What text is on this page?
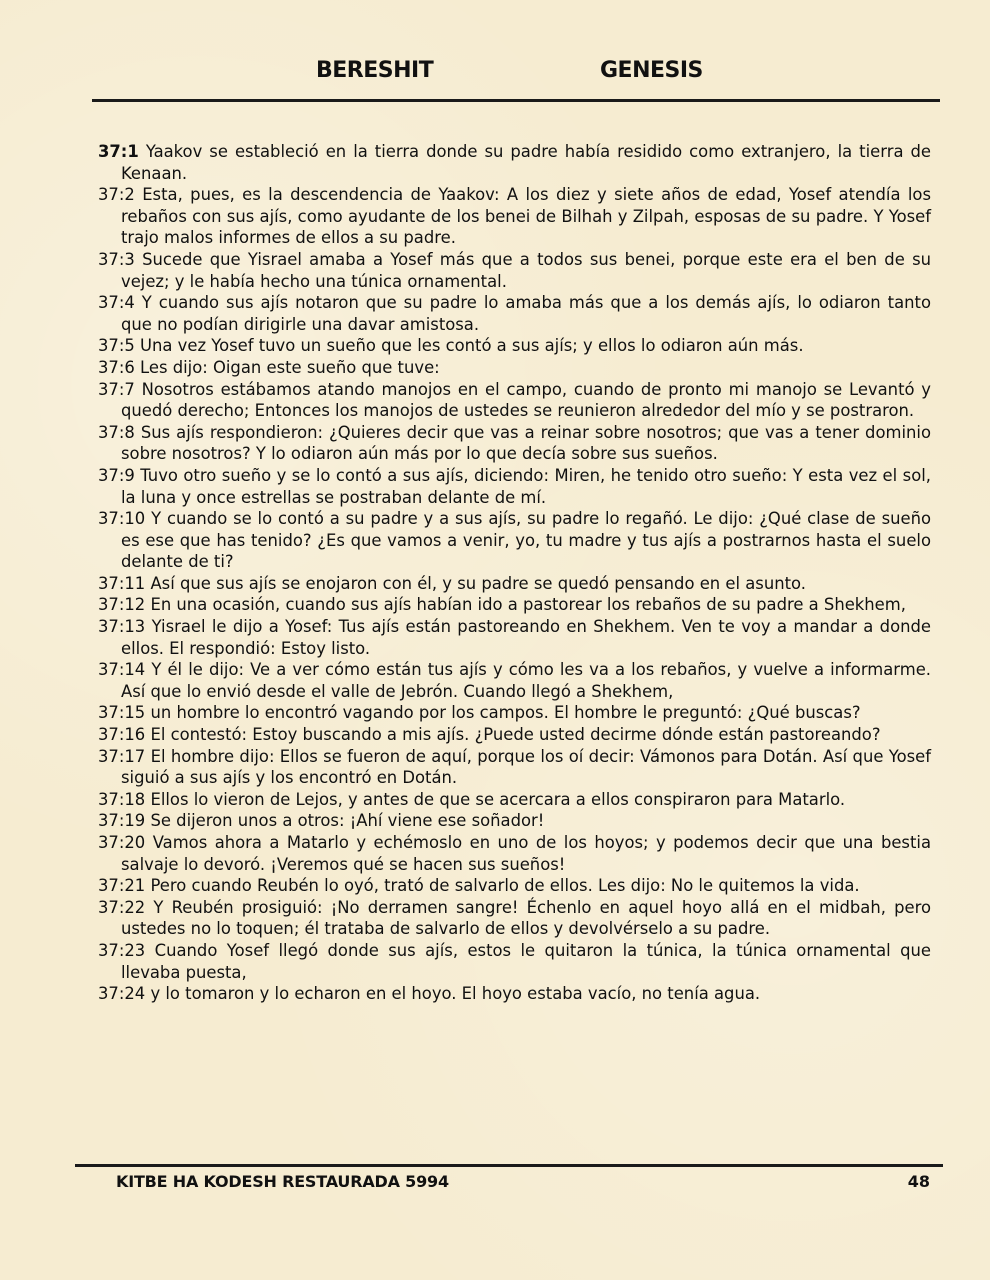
BERESHIT	GENESIS

37:1 Yaakov se estableció en la tierra donde su padre había residido como extranjero, la tierra de Kenaan.

37:2 Esta, pues, es la descendencia de Yaakov: A los diez y siete años de edad, Yosef atendía los rebaños con sus ajís, como ayudante de los benei de Bilhah y Zilpah, esposas de su padre. Y Yosef trajo malos informes de ellos a su padre.

37:3 Sucede que Yisrael amaba a Yosef más que a todos sus benei, porque este era el ben de su vejez; y le había hecho una túnica ornamental.

37:4 Y cuando sus ajís notaron que su padre lo amaba más que a los demás ajís, lo odiaron tanto que no podían dirigirle una davar amistosa.

37:5 Una vez Yosef tuvo un sueño que les contó a sus ajís; y ellos lo odiaron aún más.

37:6 Les dijo: Oigan este sueño que tuve:

37:7 Nosotros estábamos atando manojos en el campo, cuando de pronto mi manojo se Levantó y quedó derecho; Entonces los manojos de ustedes se reunieron alrededor del mío y se postraron.

37:8 Sus ajís respondieron: ¿Quieres decir que vas a reinar sobre nosotros; que vas a tener dominio sobre nosotros? Y lo odiaron aún más por lo que decía sobre sus sueños.

37:9 Tuvo otro sueño y se lo contó a sus ajís, diciendo: Miren, he tenido otro sueño: Y esta vez el sol, la luna y once estrellas se postraban delante de mí.

37:10 Y cuando se lo contó a su padre y a sus ajís, su padre lo regañó. Le dijo: ¿Qué clase de sueño es ese que has tenido? ¿Es que vamos a venir, yo, tu madre y tus ajís a postrarnos hasta el suelo delante de ti?

37:11 Así que sus ajís se enojaron con él, y su padre se quedó pensando en el asunto.

37:12 En una ocasión, cuando sus ajís habían ido a pastorear los rebaños de su padre a Shekhem,

37:13 Yisrael le dijo a Yosef: Tus ajís están pastoreando en Shekhem. Ven te voy a mandar a donde ellos. El respondió: Estoy listo.

37:14 Y él le dijo: Ve a ver cómo están tus ajís y cómo les va a los rebaños, y vuelve a informarme. Así que lo envió desde el valle de Jebrón. Cuando llegó a Shekhem,

37:15 un hombre lo encontró vagando por los campos. El hombre le preguntó: ¿Qué buscas?

37:16 El contestó: Estoy buscando a mis ajís. ¿Puede usted decirme dónde están pastoreando?

37:17 El hombre dijo: Ellos se fueron de aquí, porque los oí decir: Vámonos para Dotán. Así que Yosef siguió a sus ajís y los encontró en Dotán.

37:18 Ellos lo vieron de Lejos, y antes de que se acercara a ellos conspiraron para Matarlo.

37:19 Se dijeron unos a otros: ¡Ahí viene ese soñador!

37:20 Vamos ahora a Matarlo y echémoslo en uno de los hoyos; y podemos decir que una bestia salvaje lo devoró. ¡Veremos qué se hacen sus sueños!

37:21 Pero cuando Reubén lo oyó, trató de salvarlo de ellos. Les dijo: No le quitemos la vida.

37:22 Y Reubén prosiguió: ¡No derramen sangre! Échenlo en aquel hoyo allá en el midbah, pero ustedes no lo toquen; él trataba de salvarlo de ellos y devolvérselo a su padre.

37:23 Cuando Yosef llegó donde sus ajís, estos le quitaron la túnica, la túnica ornamental que llevaba puesta,

37:24 y lo tomaron y lo echaron en el hoyo. El hoyo estaba vacío, no tenía agua.

KITBE HA KODESH RESTAURADA 5994	48
